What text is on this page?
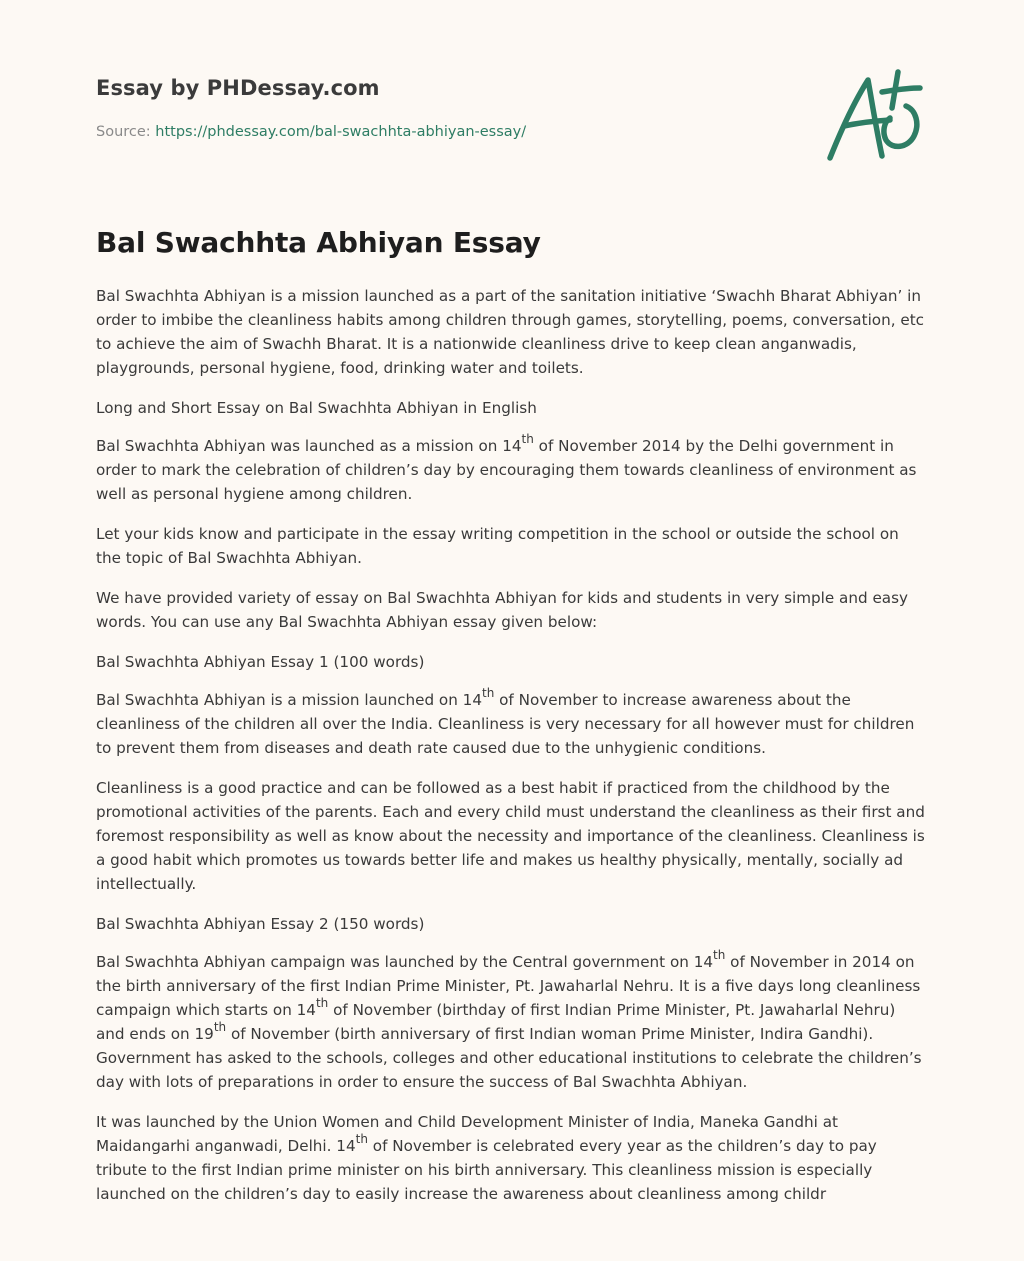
Essay by PHDessay.com

Source: https://phdessay.com/bal-swachhta-abhiyan-essay/

Bal Swachhta Abhiyan Essay

Bal Swachhta Abhiyan is a mission launched as a part of the sanitation initiative ‘Swachh Bharat Abhiyan’ in order to imbibe the cleanliness habits among children through games, storytelling, poems, conversation, etc to achieve the aim of Swachh Bharat. It is a nationwide cleanliness drive to keep clean anganwadis, playgrounds, personal hygiene, food, drinking water and toilets.

Long and Short Essay on Bal Swachhta Abhiyan in English

Bal Swachhta Abhiyan was launched as a mission on 14th of November 2014 by the Delhi government in order to mark the celebration of children’s day by encouraging them towards cleanliness of environment as well as personal hygiene among children.

Let your kids know and participate in the essay writing competition in the school or outside the school on the topic of Bal Swachhta Abhiyan.

We have provided variety of essay on Bal Swachhta Abhiyan for kids and students in very simple and easy words. You can use any Bal Swachhta Abhiyan essay given below:

Bal Swachhta Abhiyan Essay 1 (100 words)

Bal Swachhta Abhiyan is a mission launched on 14th of November to increase awareness about the cleanliness of the children all over the India. Cleanliness is very necessary for all however must for children to prevent them from diseases and death rate caused due to the unhygienic conditions.

Cleanliness is a good practice and can be followed as a best habit if practiced from the childhood by the promotional activities of the parents. Each and every child must understand the cleanliness as their first and foremost responsibility as well as know about the necessity and importance of the cleanliness. Cleanliness is a good habit which promotes us towards better life and makes us healthy physically, mentally, socially ad intellectually.

Bal Swachhta Abhiyan Essay 2 (150 words)

Bal Swachhta Abhiyan campaign was launched by the Central government on 14th of November in 2014 on the birth anniversary of the first Indian Prime Minister, Pt. Jawaharlal Nehru. It is a five days long cleanliness campaign which starts on 14th of November (birthday of first Indian Prime Minister, Pt. Jawaharlal Nehru) and ends on 19th of November (birth anniversary of first Indian woman Prime Minister, Indira Gandhi). Government has asked to the schools, colleges and other educational institutions to celebrate the children’s day with lots of preparations in order to ensure the success of Bal Swachhta Abhiyan.

It was launched by the Union Women and Child Development Minister of India, Maneka Gandhi at Maidangarhi anganwadi, Delhi. 14th of November is celebrated every year as the children’s day to pay tribute to the first Indian prime minister on his birth anniversary. This cleanliness mission is especially launched on the children’s day to easily increase the awareness about cleanliness among childr
